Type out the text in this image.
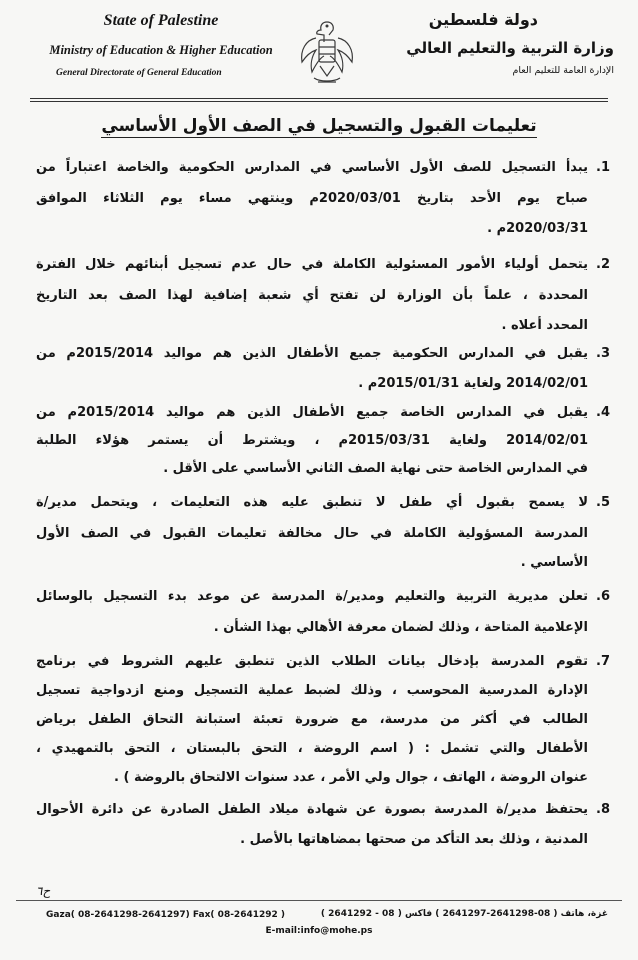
State of Palestine
Ministry of Education & Higher Education
General Directorate of General Education
دولة فلسطين
وزارة التربية والتعليم العالي
الإدارة العامة للتعليم العام
تعليمات القبول والتسجيل في الصف الأول الأساسي
1.
يبدأ التسجيل للصف الأول الأساسي في المدارس الحكومية والخاصة اعتباراً من
صباح يوم الأحد بتاريخ 2020/03/01م وينتهي مساء يوم الثلاثاء الموافق
2020/03/31م .
2.
يتحمل أولياء الأمور المسئولية الكاملة في حال عدم تسجيل أبنائهم خلال الفترة
المحددة ، علماً بأن الوزارة لن تفتح أي شعبة إضافية لهذا الصف بعد التاريخ
المحدد أعلاه .
3.
يقبل في المدارس الحكومية جميع الأطفال الذين هم مواليد 2015/2014م من
2014/02/01 ولغاية 2015/01/31م .
4.
يقبل في المدارس الخاصة جميع الأطفال الذين هم مواليد 2015/2014م من
2014/02/01 ولغاية 2015/03/31م ، ويشترط أن يستمر هؤلاء الطلبة
في المدارس الخاصة حتى نهاية الصف الثاني الأساسي على الأقل .
5.
لا يسمح بقبول أي طفل لا تنطبق عليه هذه التعليمات ، ويتحمل مدير/ة
المدرسة المسؤولية الكاملة في حال مخالفة تعليمات القبول في الصف الأول
الأساسي .
6.
تعلن مديرية التربية والتعليم ومدير/ة المدرسة عن موعد بدء التسجيل بالوسائل
الإعلامية المتاحة ، وذلك لضمان معرفة الأهالي بهذا الشأن .
7.
تقوم المدرسة بإدخال بيانات الطلاب الذين تنطبق عليهم الشروط في برنامج
الإدارة المدرسية المحوسب ، وذلك لضبط عملية التسجيل ومنع ازدواجية تسجيل
الطالب في أكثر من مدرسة، مع ضرورة تعبئة استبانة التحاق الطفل برياض
الأطفال والتي تشمل : ( اسم الروضة ، التحق بالبستان ، التحق بالتمهيدي ،
عنوان الروضة ، الهاتف ، جوال ولي الأمر ، عدد سنوات الالتحاق بالروضة ) .
8.
يحتفظ مدير/ة المدرسة بصورة عن شهادة ميلاد الطفل الصادرة عن دائرة الأحوال
المدنية ، وذلك بعد التأكد من صحتها بمضاهاتها بالأصل .
ح٦
Gaza( 08-2641298-2641297) Fax( 08-2641292 )	غزة، هاتف ( 08-2641298-2641297 ) فاكس ( 08 - 2641292 )
E-mail:info@mohe.ps
